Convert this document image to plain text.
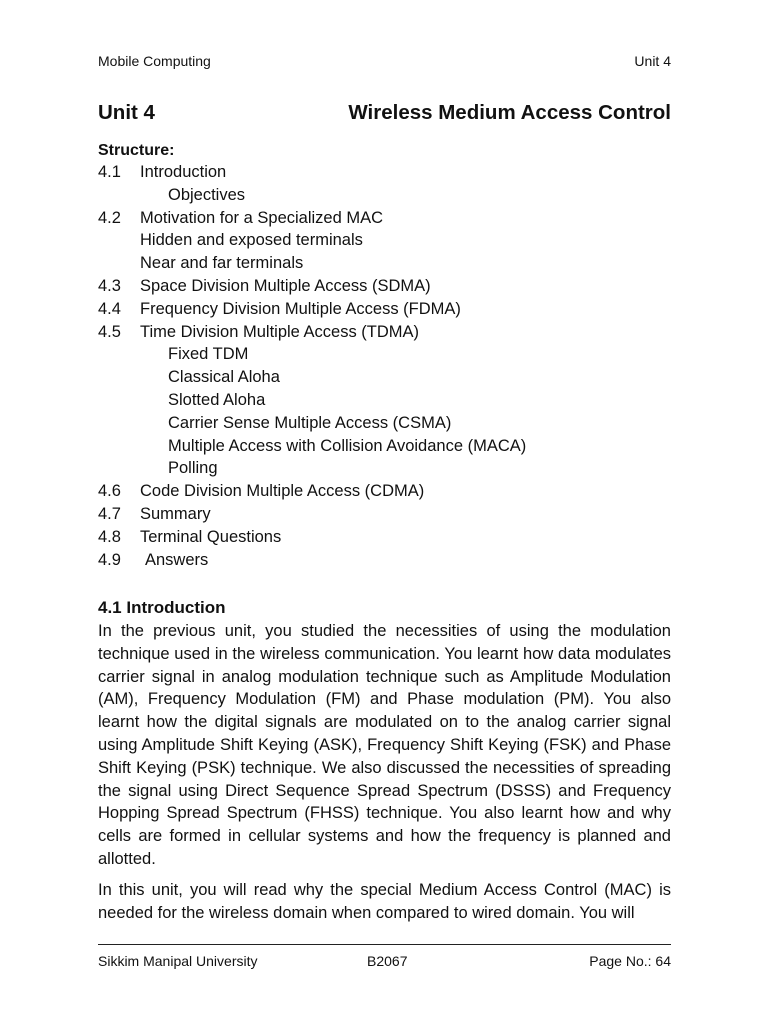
Mobile Computing	Unit 4
Unit 4	Wireless Medium Access Control
Structure:
4.1 Introduction
Objectives
4.2 Motivation for a Specialized MAC
Hidden and exposed terminals
Near and far terminals
4.3 Space Division Multiple Access (SDMA)
4.4 Frequency Division Multiple Access (FDMA)
4.5 Time Division Multiple Access (TDMA)
Fixed TDM
Classical Aloha
Slotted Aloha
Carrier Sense Multiple Access (CSMA)
Multiple Access with Collision Avoidance (MACA)
Polling
4.6 Code Division Multiple Access (CDMA)
4.7 Summary
4.8 Terminal Questions
4.9 Answers
4.1 Introduction

In the previous unit, you studied the necessities of using the modulation technique used in the wireless communication. You learnt how data modulates carrier signal in analog modulation technique such as Amplitude Modulation (AM), Frequency Modulation (FM) and Phase modulation (PM). You also learnt how the digital signals are modulated on to the analog carrier signal using Amplitude Shift Keying (ASK), Frequency Shift Keying (FSK) and Phase Shift Keying (PSK) technique. We also discussed the necessities of spreading the signal using Direct Sequence Spread Spectrum (DSSS) and Frequency Hopping Spread Spectrum (FHSS) technique. You also learnt how and why cells are formed in cellular systems and how the frequency is planned and allotted.

In this unit, you will read why the special Medium Access Control (MAC) is needed for the wireless domain when compared to wired domain. You will

Sikkim Manipal University	B2067	Page No.: 64
